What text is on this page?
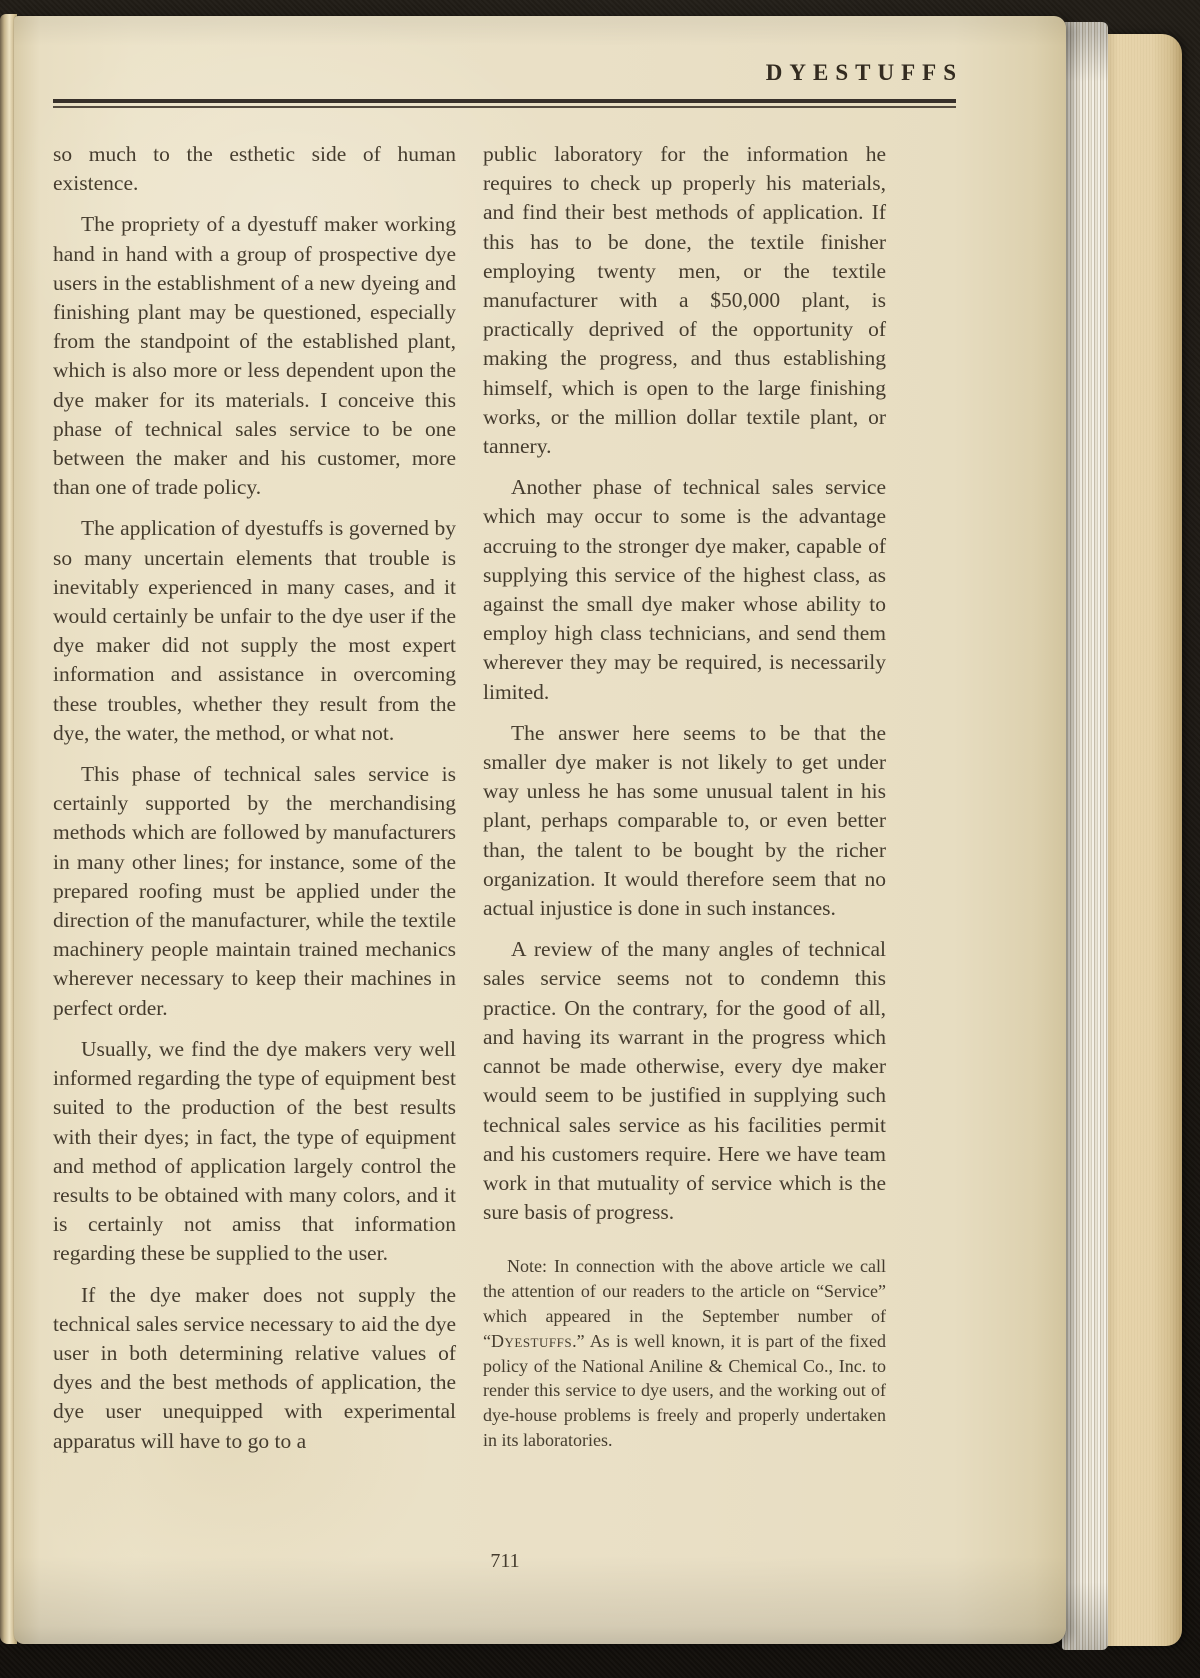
DYESTUFFS

so much to the esthetic side of human existence.

The propriety of a dyestuff maker working hand in hand with a group of prospective dye users in the establishment of a new dyeing and finishing plant may be questioned, especially from the standpoint of the established plant, which is also more or less dependent upon the dye maker for its materials. I conceive this phase of technical sales service to be one between the maker and his customer, more than one of trade policy.

The application of dyestuffs is governed by so many uncertain elements that trouble is inevitably experienced in many cases, and it would certainly be unfair to the dye user if the dye maker did not supply the most expert information and assistance in overcoming these troubles, whether they result from the dye, the water, the method, or what not.

This phase of technical sales service is certainly supported by the merchandising methods which are followed by manufacturers in many other lines; for instance, some of the prepared roofing must be applied under the direction of the manufacturer, while the textile machinery people maintain trained mechanics wherever necessary to keep their machines in perfect order.

Usually, we find the dye makers very well informed regarding the type of equipment best suited to the production of the best results with their dyes; in fact, the type of equipment and method of application largely control the results to be obtained with many colors, and it is certainly not amiss that information regarding these be supplied to the user.

If the dye maker does not supply the technical sales service necessary to aid the dye user in both determining relative values of dyes and the best methods of application, the dye user unequipped with experimental apparatus will have to go to a

public laboratory for the information he requires to check up properly his materials, and find their best methods of application. If this has to be done, the textile finisher employing twenty men, or the textile manufacturer with a $50,000 plant, is practically deprived of the opportunity of making the progress, and thus establishing himself, which is open to the large finishing works, or the million dollar textile plant, or tannery.

Another phase of technical sales service which may occur to some is the advantage accruing to the stronger dye maker, capable of supplying this service of the highest class, as against the small dye maker whose ability to employ high class technicians, and send them wherever they may be required, is necessarily limited.

The answer here seems to be that the smaller dye maker is not likely to get under way unless he has some unusual talent in his plant, perhaps comparable to, or even better than, the talent to be bought by the richer organization. It would therefore seem that no actual injustice is done in such instances.

A review of the many angles of technical sales service seems not to condemn this practice. On the contrary, for the good of all, and having its warrant in the progress which cannot be made otherwise, every dye maker would seem to be justified in supplying such technical sales service as his facilities permit and his customers require. Here we have team work in that mutuality of service which is the sure basis of progress.

Note: In connection with the above article we call the attention of our readers to the article on “Service” which appeared in the September number of “Dyestuffs.” As is well known, it is part of the fixed policy of the National Aniline & Chemical Co., Inc. to render this service to dye users, and the working out of dye-house problems is freely and properly undertaken in its laboratories.

711
